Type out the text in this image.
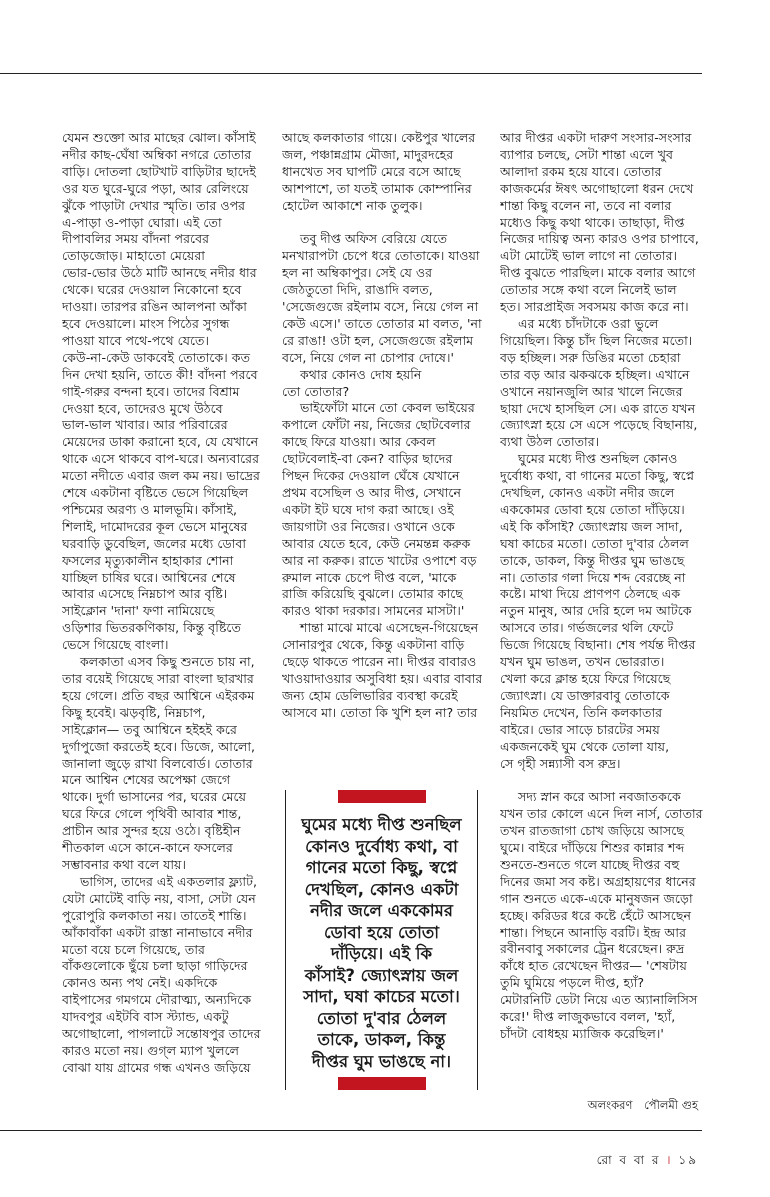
যেমন শুক্তো আর মাছের ঝোল। কাঁসাই
নদীর কাছ-ঘেঁষা অম্বিকা নগরে তোতার
বাড়ি। দোতলা ছোটখাট বাড়িটার ছাদেই
ওর যত ঘুরে-ঘুরে পড়া, আর রেলিংয়ে
ঝুঁকে পাড়াটা দেখার স্মৃতি। তার ওপর
এ-পাড়া ও-পাড়া ঘোরা। এই তো
দীপাবলির সময় বাঁদনা পরবের
তোড়জোড়। মাহাতো মেয়েরা
ভোর-ভোর উঠে মাটি আনছে নদীর ধার
থেকে। ঘরের দেওয়াল নিকোনো হবে
দাওয়া। তারপর রঙিন আলপনা আঁকা
হবে দেওয়ালে। মাংস পিঠের সুগন্ধ
পাওয়া যাবে পথে-পথে যেতে।
কেউ-না-কেউ ডাকবেই তোতাকে। কত
দিন দেখা হয়নি, তাতে কী! বাঁদনা পরবে
গাই-গরুর বন্দনা হবে। তাদের বিশ্রাম
দেওয়া হবে, তাদেরও মুখে উঠবে
ভাল-ভাল খাবার। আর পরিবারের
মেয়েদের ডাকা করানো হবে, যে যেখানে
থাকে এসে থাকবে বাপ-ঘরে। অন্যবারের
মতো নদীতে এবার জল কম নয়। ভাদ্রের
শেষে একটানা বৃষ্টিতে ভেসে গিয়েছিল
পশ্চিমের অরণ্য ও মালভূমি। কাঁসাই,
শিলাই, দামোদরের কূল ভেসে মানুষের
ঘরবাড়ি ডুবেছিল, জলের মধ্যে ডোবা
ফসলের মৃত্যুকালীন হাহাকার শোনা
যাচ্ছিল চাষির ঘরে। আশ্বিনের শেষে
আবার এসেছে নিম্নচাপ আর বৃষ্টি।
সাইক্লোন 'দানা' ফণা নামিয়েছে
ওড়িশার ভিতরকণিকায়, কিন্তু বৃষ্টিতে
ভেসে গিয়েছে বাংলা।
কলকাতা এসব কিছু শুনতে চায় না,
তার বয়েই গিয়েছে সারা বাংলা ছারখার
হয়ে গেলে। প্রতি বছর আশ্বিনে এইরকম
কিছু হবেই। ঝড়বৃষ্টি, নিম্নচাপ,
সাইক্লোন— তবু আশ্বিনে হইহই করে
দুর্গাপুজো করতেই হবে। ডিজে, আলো,
জানালা জুড়ে রাখা বিলবোর্ড। তোতার
মনে আশ্বিন শেষের অপেক্ষা জেগে
থাকে। দুর্গা ভাসানের পর, ঘরের মেয়ে
ঘরে ফিরে গেলে পৃথিবী আবার শান্ত,
প্রাচীন আর সুন্দর হয়ে ওঠে। বৃষ্টিহীন
শীতকাল এসে কানে-কানে ফসলের
সম্ভাবনার কথা বলে যায়।
ভাগিস, তাদের এই একতলার ফ্ল্যাট,
যেটা মোটেই বাড়ি নয়, বাসা, সেটা যেন
পুরোপুরি কলকাতা নয়। তাতেই শান্তি।
আঁকাবাঁকা একটা রাস্তা নানাভাবে নদীর
মতো বয়ে চলে গিয়েছে, তার
বাঁকগুলোকে ছুঁয়ে চলা ছাড়া গাড়িদের
কোনও অন্য পথ নেই। একদিকে
বাইপাসের গমগমে দৌরাত্ম্য, অন্যদিকে
যাদবপুর এইটবি বাস স্ট্যান্ড, একটু
অগোছালো, পাগলাটে সন্তোষপুর তাদের
কারও মতো নয়। গুগ্‌ল ম্যাপ খুললে
বোঝা যায় গ্রামের গন্ধ এখনও জড়িয়ে
আছে কলকাতার গায়ে। কেষ্টপুর খালের
জল, পঞ্চান্নগ্রাম মৌজা, মাদুরদহের
ধানখেত সব ঘাপটি মেরে বসে আছে
আশপাশে, তা যতই তামাক কোম্পানির
হোটেল আকাশে নাক তুলুক।
তবু দীপ্ত অফিস বেরিয়ে যেতে
মনখারাপটা চেপে ধরে তোতাকে। যাওয়া
হল না অম্বিকাপুর। সেই যে ওর
জেঠতুতো দিদি, রাঙাদি বলত,
'সেজেগুজে রইলাম বসে, নিয়ে গেল না
কেউ এসে।' তাতে তোতার মা বলত, 'না
রে রাঙা! ওটা হল, সেজেগুজে রইলাম
বসে, নিয়ে গেল না চোপার দোষে।'
কথার কোনও দোষ হয়নি
তো তোতার?
ভাইফোঁটা মানে তো কেবল ভাইয়ের
কপালে ফোঁটা নয়, নিজের ছোটবেলার
কাছে ফিরে যাওয়া। আর কেবল
ছোটবেলাই-বা কেন? বাড়ির ছাদের
পিছন দিকের দেওয়াল ঘেঁষে যেখানে
প্রথম বসেছিল ও আর দীপ্ত, সেখানে
একটা ইট ঘষে দাগ করা আছে। ওই
জায়গাটা ওর নিজের। ওখানে ওকে
আবার যেতে হবে, কেউ নেমন্তন্ন করুক
আর না করুক। রাতে খাটের ওপাশে বড়
রুমাল নাকে চেপে দীপ্ত বলে, 'মাকে
রাজি করিয়েছি বুঝলে। তোমার কাছে
কারও থাকা দরকার। সামনের মাসটা।'
শান্তা মাঝে মাঝে এসেছেন-গিয়েছেন
সোনারপুর থেকে, কিন্তু একটানা বাড়ি
ছেড়ে থাকতে পারেন না। দীপ্তর বাবারও
খাওয়াদাওয়ার অসুবিধা হয়। এবার বাবার
জন্য হোম ডেলিভারির ব্যবস্থা করেই
আসবে মা। তোতা কি খুশি হল না? তার
আর দীপ্তর একটা দারুণ সংসার-সংসার
ব্যাপার চলছে, সেটা শান্তা এলে খুব
আলাদা রকম হয়ে যাবে। তোতার
কাজকর্মের ঈষৎ অগোছালো ধরন দেখে
শান্তা কিছু বলেন না, তবে না বলার
মধ্যেও কিছু কথা থাকে। তাছাড়া, দীপ্ত
নিজের দায়িত্ব অন্য কারও ওপর চাপাবে,
এটা মোটেই ভাল লাগে না তোতার।
দীপ্ত বুঝতে পারছিল। মাকে বলার আগে
তোতার সঙ্গে কথা বলে নিলেই ভাল
হত। সারপ্রাইজ সবসময় কাজ করে না।
এর মধ্যে চাঁদটাকে ওরা ভুলে
গিয়েছিল। কিন্তু চাঁদ ছিল নিজের মতো।
বড় হচ্ছিল। সরু ডিঙির মতো চেহারা
তার বড় আর ঝকঝকে হচ্ছিল। এখানে
ওখানে নয়ানজুলি আর খালে নিজের
ছায়া দেখে হাসছিল সে। এক রাতে যখন
জ্যোৎস্না হয়ে সে এসে পড়েছে বিছানায়,
ব্যথা উঠল তোতার।
ঘুমের মধ্যে দীপ্ত শুনছিল কোনও
দুর্বোধ্য কথা, বা গানের মতো কিছু, স্বপ্নে
দেখছিল, কোনও একটা নদীর জলে
এককোমর ডোবা হয়ে তোতা দাঁড়িয়ে।
এই কি কাঁসাই? জ্যোৎস্নায় জল সাদা,
ঘষা কাচের মতো। তোতা দু'বার ঠেলল
তাকে, ডাকল, কিন্তু দীপ্তর ঘুম ভাঙছে
না। তোতার গলা দিয়ে শব্দ বেরচ্ছে না
কষ্টে। মাথা দিয়ে প্রাণপণ ঠেলছে এক
নতুন মানুষ, আর দেরি হলে দম আটকে
আসবে তার। গর্ভজলের থলি ফেটে
ভিজে গিয়েছে বিছানা। শেষ পর্যন্ত দীপ্তর
যখন ঘুম ভাঙল, তখন ভোররাত।
খেলা করে ক্লান্ত হয়ে ফিরে গিয়েছে
জ্যোৎস্না। যে ডাক্তারবাবু তোতাকে
নিয়মিত দেখেন, তিনি কলকাতার
বাইরে। ভোর সাড়ে চারটের সময়
একজনকেই ঘুম থেকে তোলা যায়,
সে গৃহী সন্ন্যাসী বস রুদ্র।
সদ্য স্নান করে আসা নবজাতককে
যখন তার কোলে এনে দিল নার্স, তোতার
তখন রাতজাগা চোখ জড়িয়ে আসছে
ঘুমে। বাইরে দাঁড়িয়ে শিশুর কান্নার শব্দ
শুনতে-শুনতে গলে যাচ্ছে দীপ্তর বহু
দিনের জমা সব কষ্ট। অগ্রহায়ণের ধানের
গান শুনতে একে-একে মানুষজন জড়ো
হচ্ছে। করিডর ধরে কষ্টে হেঁটে আসছেন
শান্তা। পিছনে আনাড়ি বরটি। ইন্দ্র আর
রবীনবাবু সকালের ট্রেন ধরেছেন। রুদ্র
কাঁধে হাত রেখেছেন দীপ্তর— 'শেষটায়
তুমি ঘুমিয়ে পড়লে দীপ্ত, হ্যাঁ?
মেটারনিটি ডেটা নিয়ে এত অ্যানালিসিস
করে!' দীপ্ত লাজুকভাবে বলল, 'হ্যাঁ,
চাঁদটা বোধহয় ম্যাজিক করেছিল।'
ঘুমের মধ্যে দীপ্ত শুনছিল
কোনও দুর্বোধ্য কথা, বা
গানের মতো কিছু, স্বপ্নে
দেখছিল, কোনও একটা
নদীর জলে এককোমর
ডোবা হয়ে তোতা
দাঁড়িয়ে। এই কি
কাঁসাই? জ্যোৎস্নায় জল
সাদা, ঘষা কাচের মতো।
তোতা দু'বার ঠেলল
তাকে, ডাকল, কিন্তু
দীপ্তর ঘুম ভাঙছে না।
অলংকরণ পৌলমী গুহ
রো ব বা র । ১৯
